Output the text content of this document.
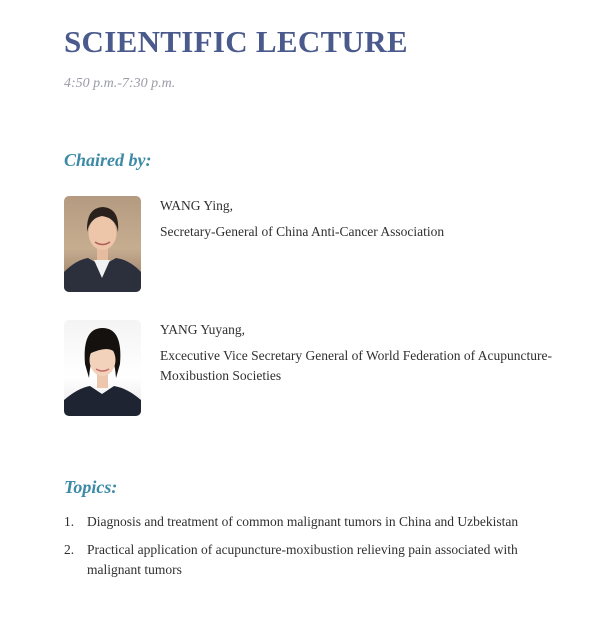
SCIENTIFIC LECTURE
4:50 p.m.-7:30 p.m.
Chaired by:
WANG Ying,
Secretary-General of China Anti-Cancer Association
YANG Yuyang,
Excecutive Vice Secretary General of World Federation of Acupuncture-Moxibustion Societies
Topics:
1. Diagnosis and treatment of common malignant tumors in China and Uzbekistan
2. Practical application of acupuncture-moxibustion relieving pain associated with malignant tumors
